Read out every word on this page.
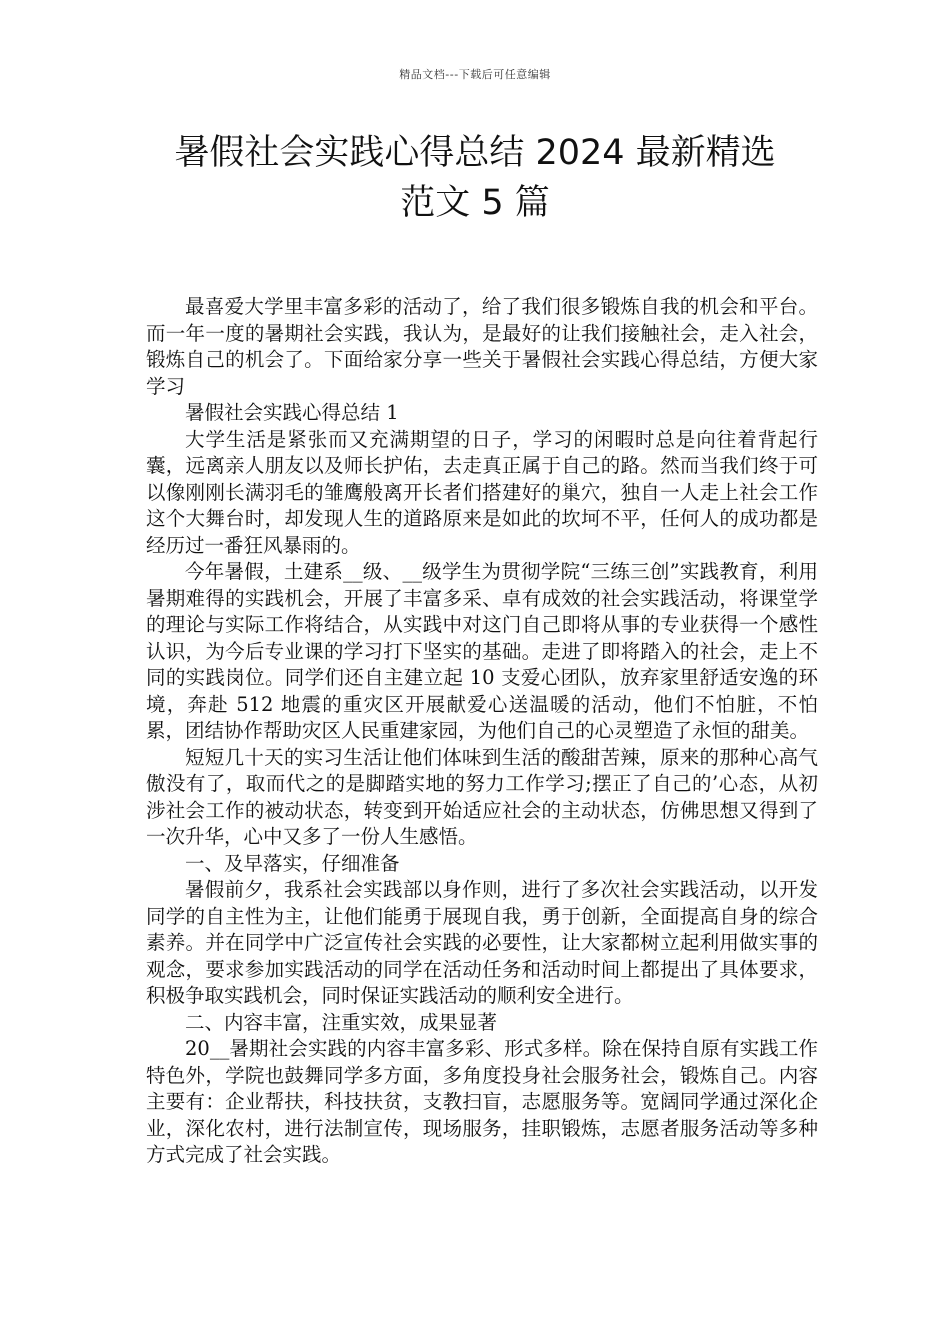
精品文档---下载后可任意编辑
暑假社会实践心得总结 2024 最新精选
范文 5 篇

最喜爱大学里丰富多彩的活动了，给了我们很多锻炼自我的机会和平台。而一年一度的暑期社会实践，我认为，是最好的让我们接触社会，走入社会，锻炼自己的机会了。下面给家分享一些关于暑假社会实践心得总结，方便大家学习

暑假社会实践心得总结 1

大学生活是紧张而又充满期望的日子，学习的闲暇时总是向往着背起行囊，远离亲人朋友以及师长护佑，去走真正属于自己的路。然而当我们终于可以像刚刚长满羽毛的雏鹰般离开长者们搭建好的巢穴，独自一人走上社会工作这个大舞台时，却发现人生的道路原来是如此的坎坷不平，任何人的成功都是经历过一番狂风暴雨的。

今年暑假，土建系__级、__级学生为贯彻学院“三练三创”实践教育，利用暑期难得的实践机会，开展了丰富多采、卓有成效的社会实践活动，将课堂学的理论与实际工作将结合，从实践中对这门自己即将从事的专业获得一个感性认识，为今后专业课的学习打下坚实的基础。走进了即将踏入的社会，走上不同的实践岗位。同学们还自主建立起 10 支爱心团队，放弃家里舒适安逸的环境，奔赴 512 地震的重灾区开展献爱心送温暖的活动，他们不怕脏，不怕累，团结协作帮助灾区人民重建家园，为他们自己的心灵塑造了永恒的甜美。

短短几十天的实习生活让他们体味到生活的酸甜苦辣，原来的那种心高气傲没有了，取而代之的是脚踏实地的努力工作学习;摆正了自己的’心态，从初涉社会工作的被动状态，转变到开始适应社会的主动状态，仿佛思想又得到了一次升华，心中又多了一份人生感悟。

一、及早落实，仔细准备

暑假前夕，我系社会实践部以身作则，进行了多次社会实践活动，以开发同学的自主性为主，让他们能勇于展现自我，勇于创新，全面提高自身的综合素养。并在同学中广泛宣传社会实践的必要性，让大家都树立起利用做实事的观念，要求参加实践活动的同学在活动任务和活动时间上都提出了具体要求，积极争取实践机会，同时保证实践活动的顺利安全进行。

二、内容丰富，注重实效，成果显著

20__暑期社会实践的内容丰富多彩、形式多样。除在保持自原有实践工作特色外，学院也鼓舞同学多方面，多角度投身社会服务社会，锻炼自己。内容主要有：企业帮扶，科技扶贫，支教扫盲，志愿服务等。宽阔同学通过深化企业，深化农村，进行法制宣传，现场服务，挂职锻炼，志愿者服务活动等多种方式完成了社会实践。
